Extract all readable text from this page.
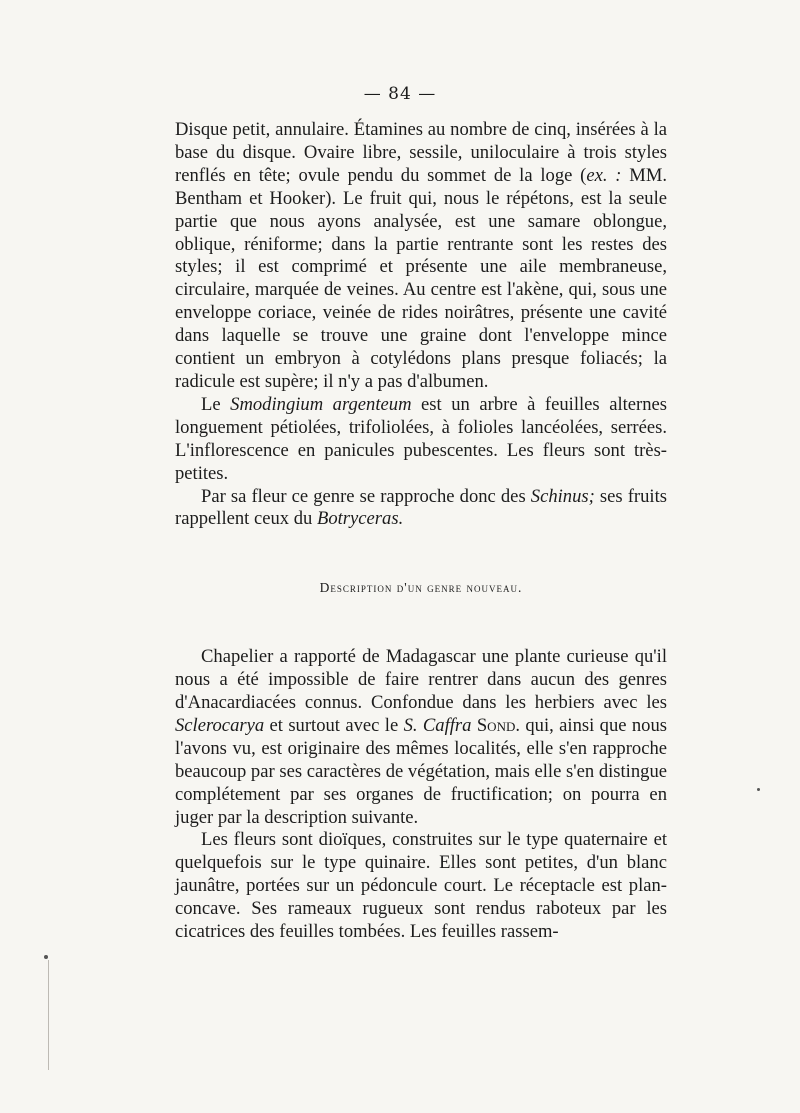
— 84 —

Disque petit, annulaire. Étamines au nombre de cinq, insérées à la base du disque. Ovaire libre, sessile, uniloculaire à trois styles renflés en tête; ovule pendu du sommet de la loge (ex. : MM. Bentham et Hooker). Le fruit qui, nous le répétons, est la seule partie que nous ayons analysée, est une samare oblongue, oblique, réniforme; dans la partie rentrante sont les restes des styles; il est comprimé et présente une aile membraneuse, circulaire, marquée de veines. Au centre est l'akène, qui, sous une enveloppe coriace, veinée de rides noirâtres, présente une cavité dans laquelle se trouve une graine dont l'enveloppe mince contient un embryon à cotylédons plans presque foliacés; la radicule est supère; il n'y a pas d'albumen.

Le Smodingium argenteum est un arbre à feuilles alternes longuement pétiolées, trifoliolées, à folioles lancéolées, serrées. L'inflorescence en panicules pubescentes. Les fleurs sont très-petites.

Par sa fleur ce genre se rapproche donc des Schinus; ses fruits rappellent ceux du Botryceras.

Description d'un genre nouveau.

Chapelier a rapporté de Madagascar une plante curieuse qu'il nous a été impossible de faire rentrer dans aucun des genres d'Anacardiacées connus. Confondue dans les herbiers avec les Sclerocarya et surtout avec le S. Caffra Sond. qui, ainsi que nous l'avons vu, est originaire des mêmes localités, elle s'en rapproche beaucoup par ses caractères de végétation, mais elle s'en distingue complétement par ses organes de fructification; on pourra en juger par la description suivante.

Les fleurs sont dioïques, construites sur le type quaternaire et quelquefois sur le type quinaire. Elles sont petites, d'un blanc jaunâtre, portées sur un pédoncule court. Le réceptacle est plan-concave. Ses rameaux rugueux sont rendus raboteux par les cicatrices des feuilles tombées. Les feuilles rassem-
